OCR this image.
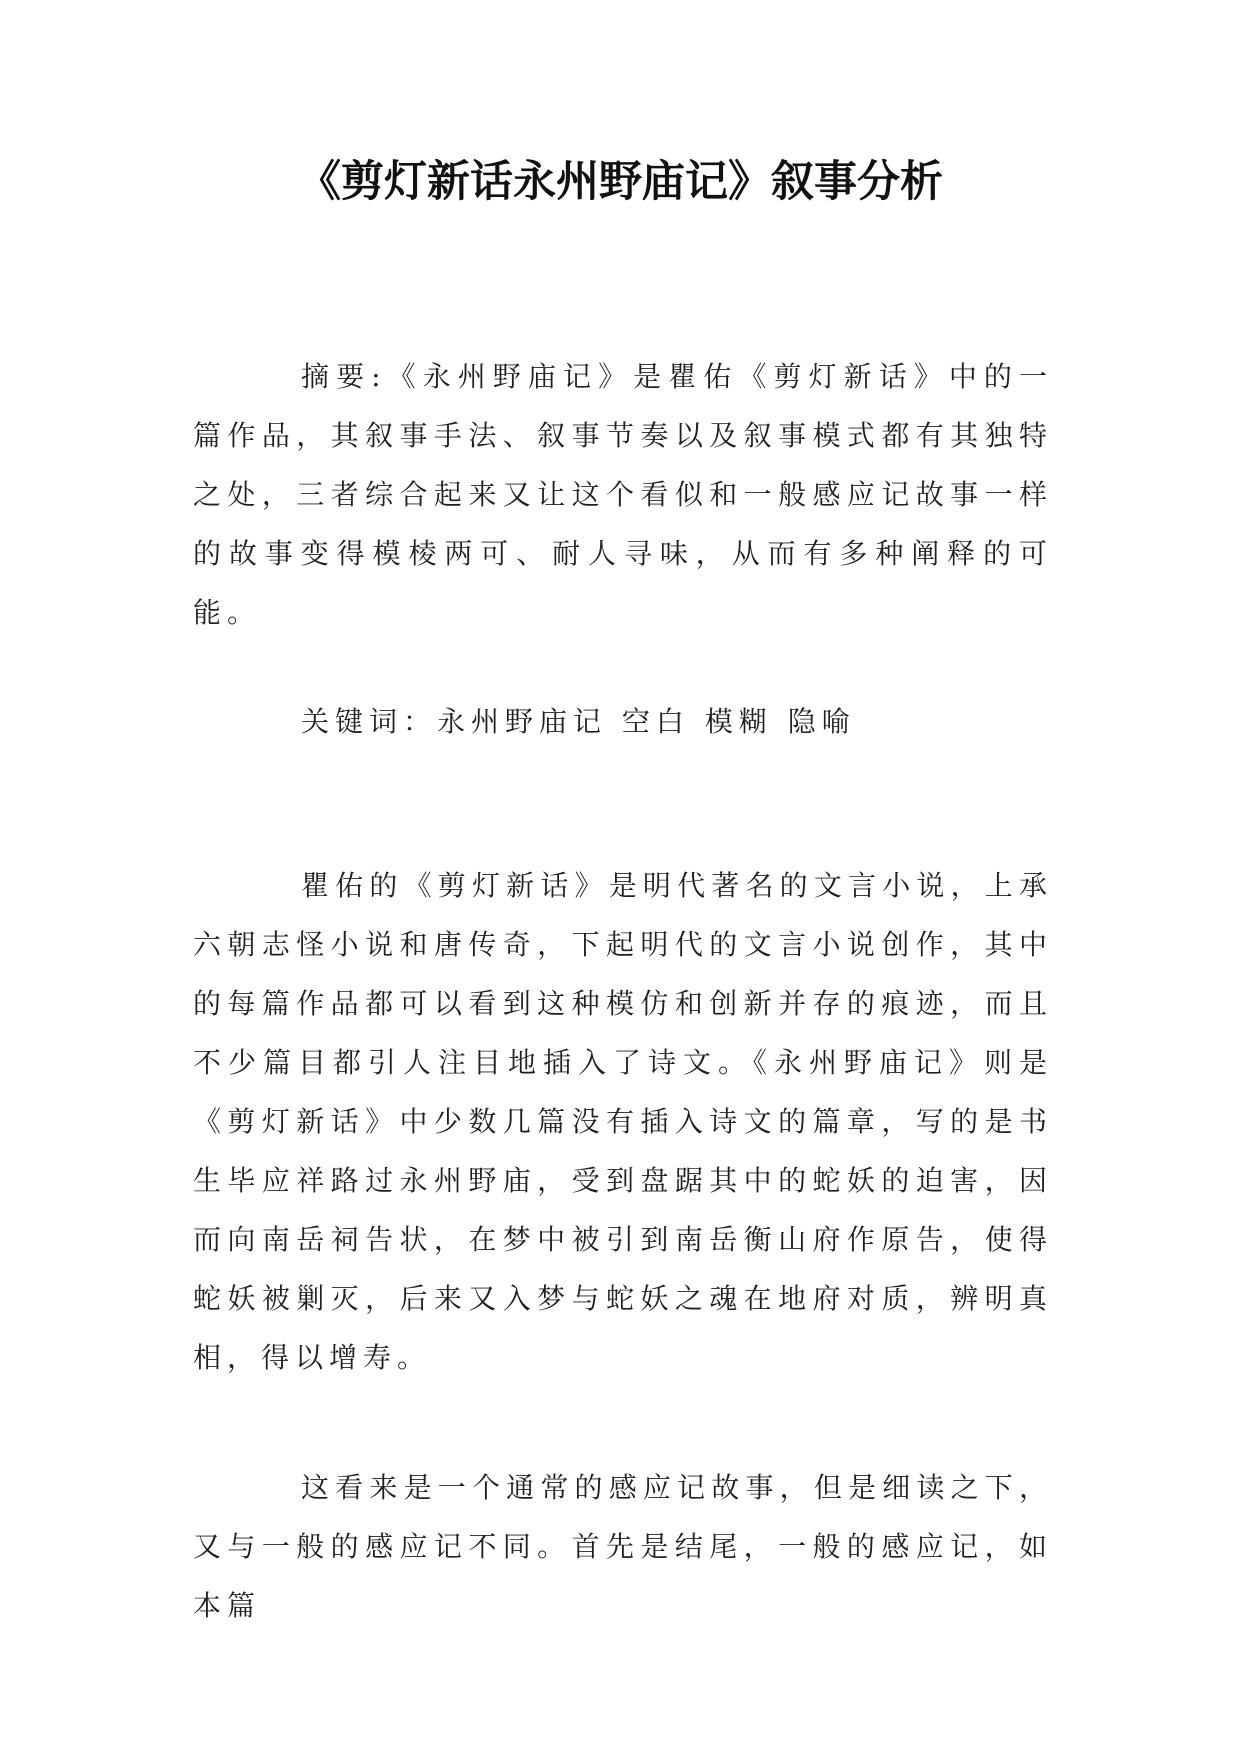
《剪灯新话永州野庙记》叙事分析

摘要:《永州野庙记》是瞿佑《剪灯新话》中的一篇作品，其叙事手法、叙事节奏以及叙事模式都有其独特之处，三者综合起来又让这个看似和一般感应记故事一样的故事变得模棱两可、耐人寻味，从而有多种阐释的可能。

关键词：永州野庙记 空白 模糊 隐喻

瞿佑的《剪灯新话》是明代著名的文言小说，上承六朝志怪小说和唐传奇，下起明代的文言小说创作，其中的每篇作品都可以看到这种模仿和创新并存的痕迹，而且不少篇目都引人注目地插入了诗文。《永州野庙记》则是《剪灯新话》中少数几篇没有插入诗文的篇章，写的是书生毕应祥路过永州野庙，受到盘踞其中的蛇妖的迫害，因而向南岳祠告状，在梦中被引到南岳衡山府作原告，使得蛇妖被剿灭，后来又入梦与蛇妖之魂在地府对质，辨明真相，得以增寿。

这看来是一个通常的感应记故事，但是细读之下，又与一般的感应记不同。首先是结尾，一般的感应记，如本篇
